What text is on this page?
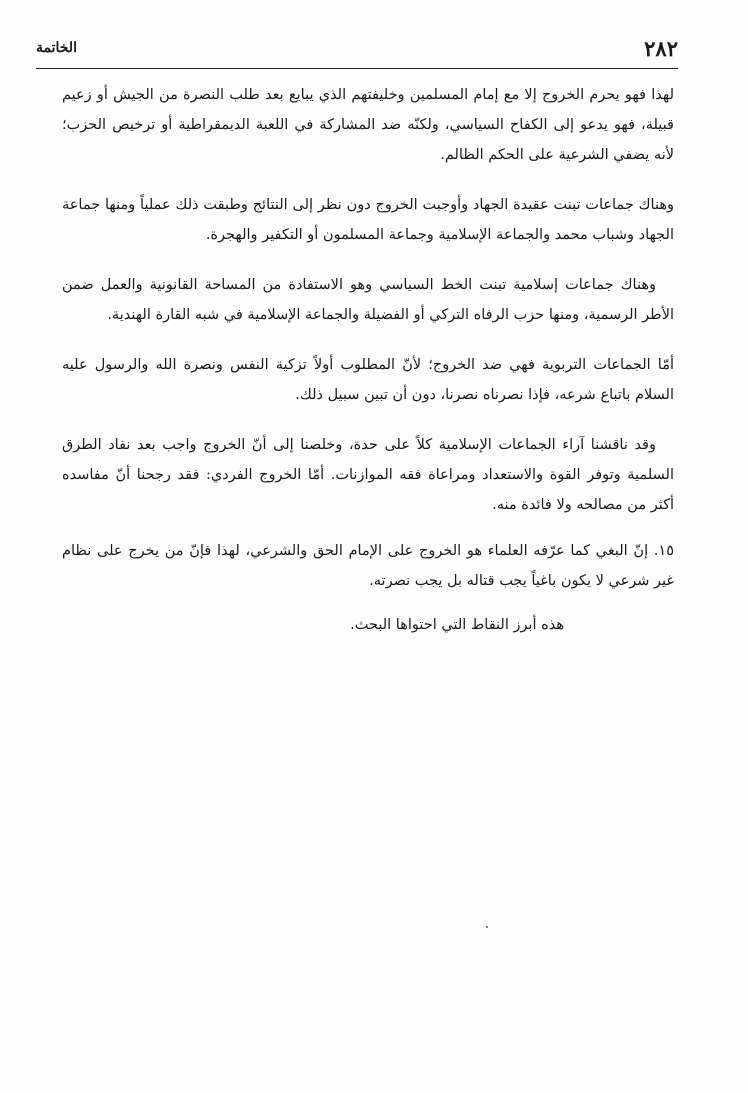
٢٨٢
الخاتمة

لهذا فهو يحرم الخروج إلا مع إمام المسلمين وخليفتهم الذي يبايع بعد طلب النصرة من الجيش أو زعيم قبيلة، فهو يدعو إلى الكفاح السياسي، ولكنّه ضد المشاركة في اللعبة الديمقراطية أو ترخيص الحزب؛ لأنه يضفي الشرعية على الحكم الظالم.

وهناك جماعات تبنت عقيدة الجهاد وأوجبت الخروج دون نظر إلى النتائج وطبقت ذلك عملياً ومنها جماعة الجهاد وشباب محمد والجماعة الإسلامية وجماعة المسلمون أو التكفير والهجرة.

وهناك جماعات إسلامية تبنت الخط السياسي وهو الاستفادة من المساحة القانونية والعمل ضمن الأطر الرسمية، ومنها حزب الرفاه التركي أو الفضيلة والجماعة الإسلامية في شبه القارة الهندية.

أمّا الجماعات التربوية فهي ضد الخروج؛ لأنّ المطلوب أولاً تزكية النفس ونصرة الله والرسول عليه السلام باتباع شرعه، فإذا نصرناه نصرنا، دون أن تبين سبيل ذلك.

وقد ناقشنا آراء الجماعات الإسلامية كلاً على حدة، وخلصنا إلى أنّ الخروج واجب بعد نفاد الطرق السلمية وتوفر القوة والاستعداد ومراعاة فقه الموازنات. أمّا الخروج الفردي: فقد رجحنا أنّ مفاسده أكثر من مصالحه ولا فائدة منه.

١٥. إنّ البغي كما عرّفه العلماء هو الخروج على الإمام الحق والشرعي، لهذا فإنّ من يخرج على نظام غير شرعي لا يكون باغياً يجب قتاله بل يجب نصرته.

هذه أبرز النقاط التي احتواها البحث.
